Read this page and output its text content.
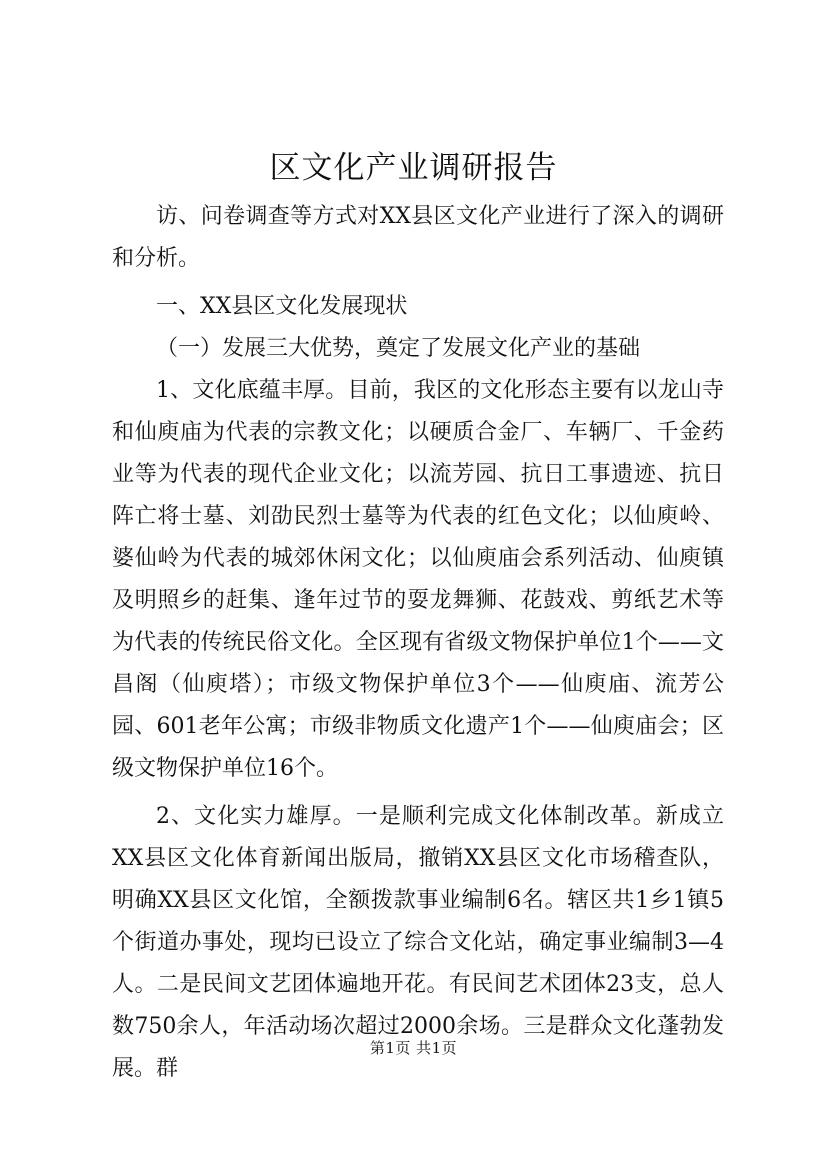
区文化产业调研报告

访、问卷调查等方式对XX县区文化产业进行了深入的调研和分析。

一、XX县区文化发展现状

（一）发展三大优势，奠定了发展文化产业的基础

1、文化底蕴丰厚。目前，我区的文化形态主要有以龙山寺和仙庾庙为代表的宗教文化；以硬质合金厂、车辆厂、千金药业等为代表的现代企业文化；以流芳园、抗日工事遗迹、抗日阵亡将士墓、刘劭民烈士墓等为代表的红色文化；以仙庾岭、婆仙岭为代表的城郊休闲文化；以仙庾庙会系列活动、仙庾镇及明照乡的赶集、逢年过节的耍龙舞狮、花鼓戏、剪纸艺术等为代表的传统民俗文化。全区现有省级文物保护单位1个——文昌阁（仙庾塔）；市级文物保护单位3个——仙庾庙、流芳公园、601老年公寓；市级非物质文化遗产1个——仙庾庙会；区级文物保护单位16个。

2、文化实力雄厚。一是顺利完成文化体制改革。新成立XX县区文化体育新闻出版局，撤销XX县区文化市场稽查队，明确XX县区文化馆，全额拨款事业编制6名。辖区共1乡1镇5个街道办事处，现均已设立了综合文化站，确定事业编制3—4人。二是民间文艺团体遍地开花。有民间艺术团体23支，总人数750余人，年活动场次超过2000余场。三是群众文化蓬勃发展。群

第1页 共1页
